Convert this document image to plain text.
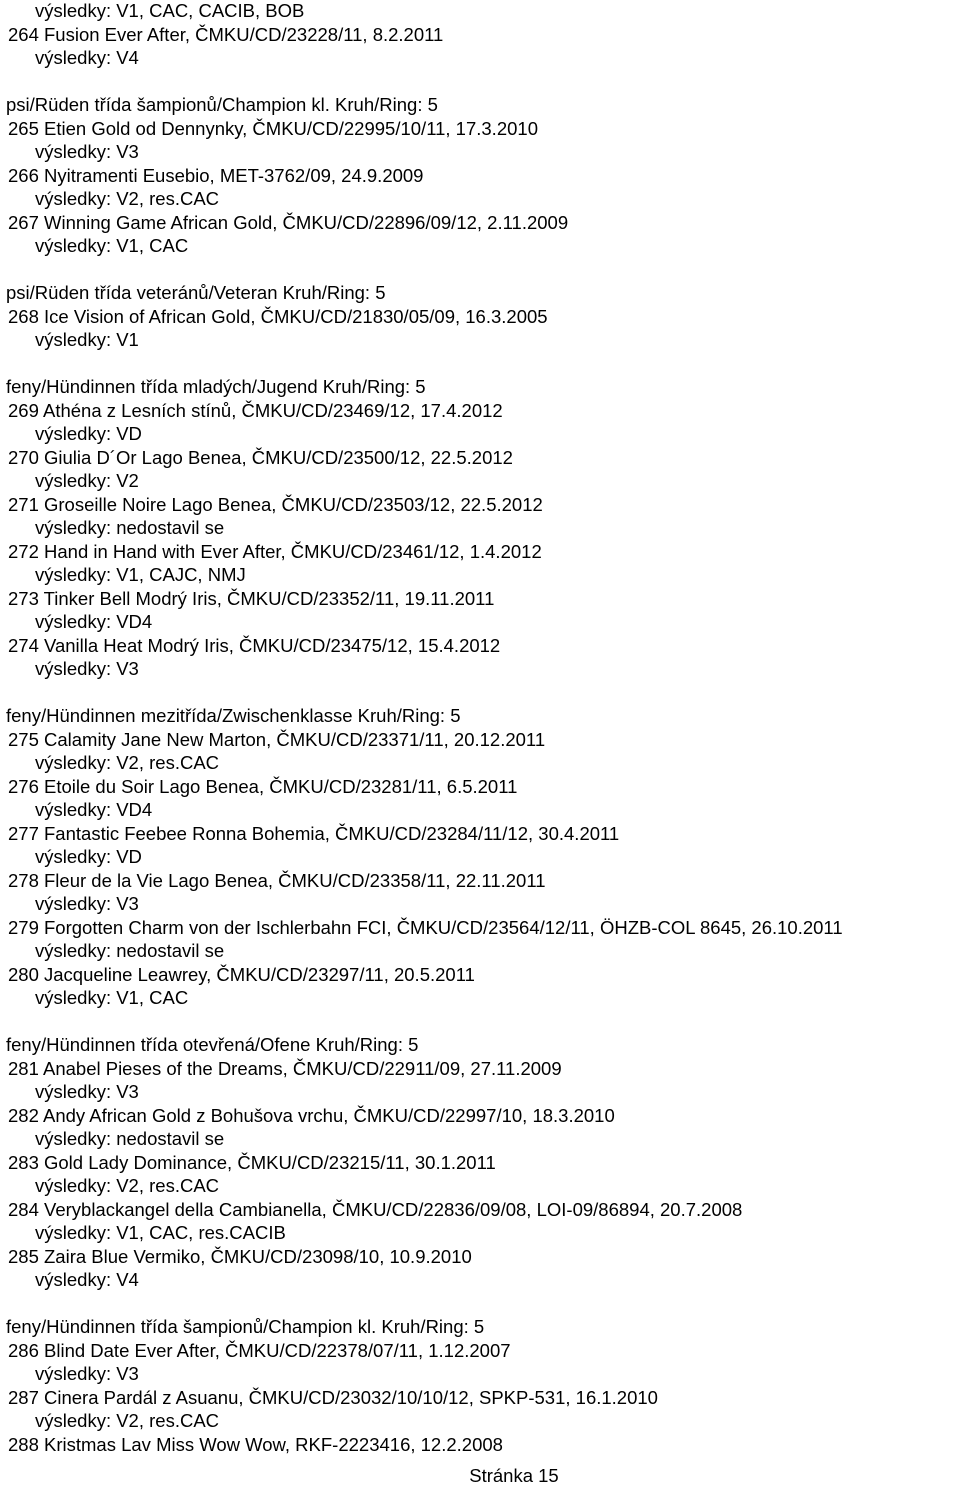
výsledky: V1, CAC, CACIB, BOB
264 Fusion Ever After, ČMKU/CD/23228/11, 8.2.2011
výsledky: V4
psi/Rüden třída šampionů/Champion kl. Kruh/Ring: 5
265 Etien Gold od Dennynky, ČMKU/CD/22995/10/11, 17.3.2010
výsledky: V3
266 Nyitramenti Eusebio, MET-3762/09, 24.9.2009
výsledky: V2, res.CAC
267 Winning Game African Gold, ČMKU/CD/22896/09/12, 2.11.2009
výsledky: V1, CAC
psi/Rüden třída veteránů/Veteran Kruh/Ring: 5
268 Ice Vision of African Gold, ČMKU/CD/21830/05/09, 16.3.2005
výsledky: V1
feny/Hündinnen třída mladých/Jugend Kruh/Ring: 5
269 Athéna z Lesních stínů, ČMKU/CD/23469/12, 17.4.2012
výsledky: VD
270 Giulia D´Or Lago Benea, ČMKU/CD/23500/12, 22.5.2012
výsledky: V2
271 Groseille Noire Lago Benea, ČMKU/CD/23503/12, 22.5.2012
výsledky: nedostavil se
272 Hand in Hand with Ever After, ČMKU/CD/23461/12, 1.4.2012
výsledky: V1, CAJC, NMJ
273 Tinker Bell Modrý Iris, ČMKU/CD/23352/11, 19.11.2011
výsledky: VD4
274 Vanilla Heat Modrý Iris, ČMKU/CD/23475/12, 15.4.2012
výsledky: V3
feny/Hündinnen mezitřída/Zwischenklasse Kruh/Ring: 5
275 Calamity Jane New Marton, ČMKU/CD/23371/11, 20.12.2011
výsledky: V2, res.CAC
276 Etoile du Soir Lago Benea, ČMKU/CD/23281/11, 6.5.2011
výsledky: VD4
277 Fantastic Feebee Ronna Bohemia, ČMKU/CD/23284/11/12, 30.4.2011
výsledky: VD
278 Fleur de la Vie Lago Benea, ČMKU/CD/23358/11, 22.11.2011
výsledky: V3
279 Forgotten Charm von der Ischlerbahn FCI, ČMKU/CD/23564/12/11, ÖHZB-COL 8645, 26.10.2011
výsledky: nedostavil se
280 Jacqueline Leawrey, ČMKU/CD/23297/11, 20.5.2011
výsledky: V1, CAC
feny/Hündinnen třída otevřená/Ofene Kruh/Ring: 5
281 Anabel Pieses of the Dreams, ČMKU/CD/22911/09, 27.11.2009
výsledky: V3
282 Andy African Gold z Bohušova vrchu, ČMKU/CD/22997/10, 18.3.2010
výsledky: nedostavil se
283 Gold Lady Dominance, ČMKU/CD/23215/11, 30.1.2011
výsledky: V2, res.CAC
284 Veryblackangel della Cambianella, ČMKU/CD/22836/09/08, LOI-09/86894, 20.7.2008
výsledky: V1, CAC, res.CACIB
285 Zaira Blue Vermiko, ČMKU/CD/23098/10, 10.9.2010
výsledky: V4
feny/Hündinnen třída šampionů/Champion kl. Kruh/Ring: 5
286 Blind Date Ever After, ČMKU/CD/22378/07/11, 1.12.2007
výsledky: V3
287 Cinera Pardál z Asuanu, ČMKU/CD/23032/10/10/12, SPKP-531, 16.1.2010
výsledky: V2, res.CAC
288 Kristmas Lav Miss Wow Wow, RKF-2223416, 12.2.2008
Stránka 15
